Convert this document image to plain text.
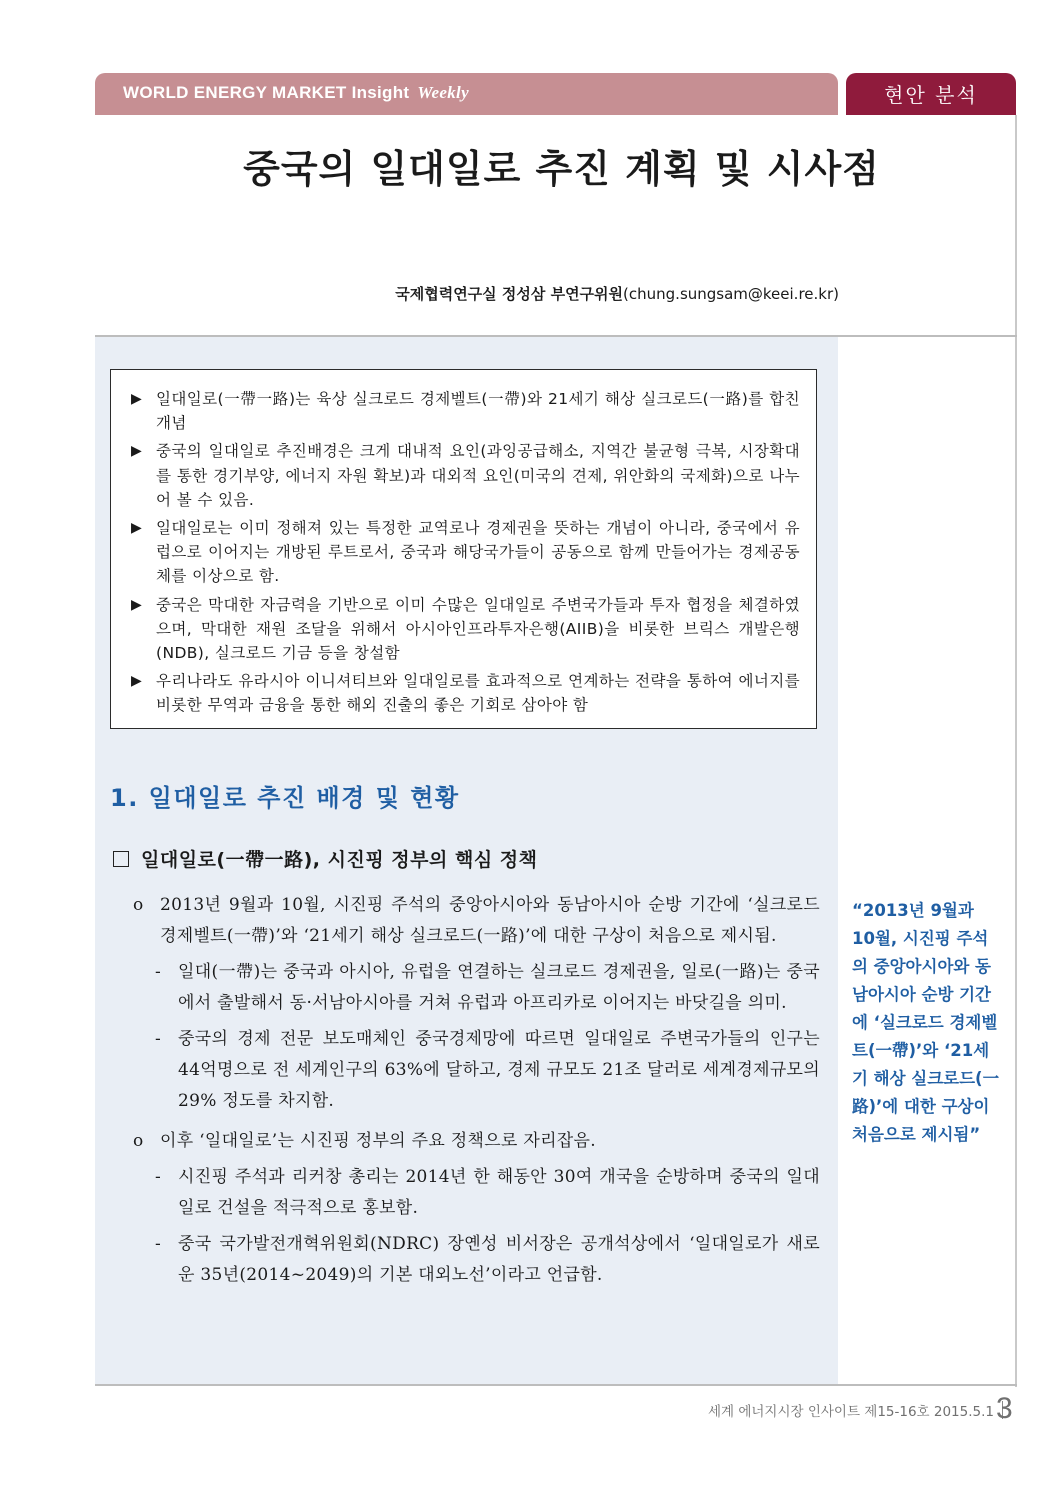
WORLD ENERGY MARKET Insight Weekly	현안 분석
중국의 일대일로 추진 계획 및 시사점
국제협력연구실 정성삼 부연구위원(chung.sungsam@keei.re.kr)
▶ 일대일로(一帶一路)는 육상 실크로드 경제벨트(一帶)와 21세기 해상 실크로드(一路)를 합친 개념
▶ 중국의 일대일로 추진배경은 크게 대내적 요인(과잉공급해소, 지역간 불균형 극복, 시장확대를 통한 경기부양, 에너지 자원 확보)과 대외적 요인(미국의 견제, 위안화의 국제화)으로 나누어 볼 수 있음.
▶ 일대일로는 이미 정해져 있는 특정한 교역로나 경제권을 뜻하는 개념이 아니라, 중국에서 유럽으로 이어지는 개방된 루트로서, 중국과 해당국가들이 공동으로 함께 만들어가는 경제공동체를 이상으로 함.
▶ 중국은 막대한 자금력을 기반으로 이미 수많은 일대일로 주변국가들과 투자 협정을 체결하였으며, 막대한 재원 조달을 위해서 아시아인프라투자은행(AIIB)을 비롯한 브릭스 개발은행(NDB), 실크로드 기금 등을 창설함
▶ 우리나라도 유라시아 이니셔티브와 일대일로를 효과적으로 연계하는 전략을 통하여 에너지를 비롯한 무역과 금융을 통한 해외 진출의 좋은 기회로 삼아야 함
1. 일대일로 추진 배경 및 현황
일대일로(一帶一路), 시진핑 정부의 핵심 정책
o 2013년 9월과 10월, 시진핑 주석의 중앙아시아와 동남아시아 순방 기간에 ‘실크로드 경제벨트(一帶)’와 ‘21세기 해상 실크로드(一路)’에 대한 구상이 처음으로 제시됨.
- 일대(一帶)는 중국과 아시아, 유럽을 연결하는 실크로드 경제권을, 일로(一路)는 중국에서 출발해서 동·서남아시아를 거쳐 유럽과 아프리카로 이어지는 바닷길을 의미.
- 중국의 경제 전문 보도매체인 중국경제망에 따르면 일대일로 주변국가들의 인구는 44억명으로 전 세계인구의 63%에 달하고, 경제 규모도 21조 달러로 세계경제규모의 29% 정도를 차지함.
o 이후 ‘일대일로’는 시진핑 정부의 주요 정책으로 자리잡음.
- 시진핑 주석과 리커창 총리는 2014년 한 해동안 30여 개국을 순방하며 중국의 일대일로 건설을 적극적으로 홍보함.
- 중국 국가발전개혁위원회(NDRC) 장옌성 비서장은 공개석상에서 ‘일대일로가 새로운 35년(2014~2049)의 기본 대외노선’이라고 언급함.
“2013년 9월과 10월, 시진핑 주석의 중앙아시아와 동남아시아 순방 기간에 ‘실크로드 경제벨트(一帶)’와 ‘21세기 해상 실크로드(一路)’에 대한 구상이 처음으로 제시됨”
세계 에너지시장 인사이트 제15-16호 2015.5.1 3
